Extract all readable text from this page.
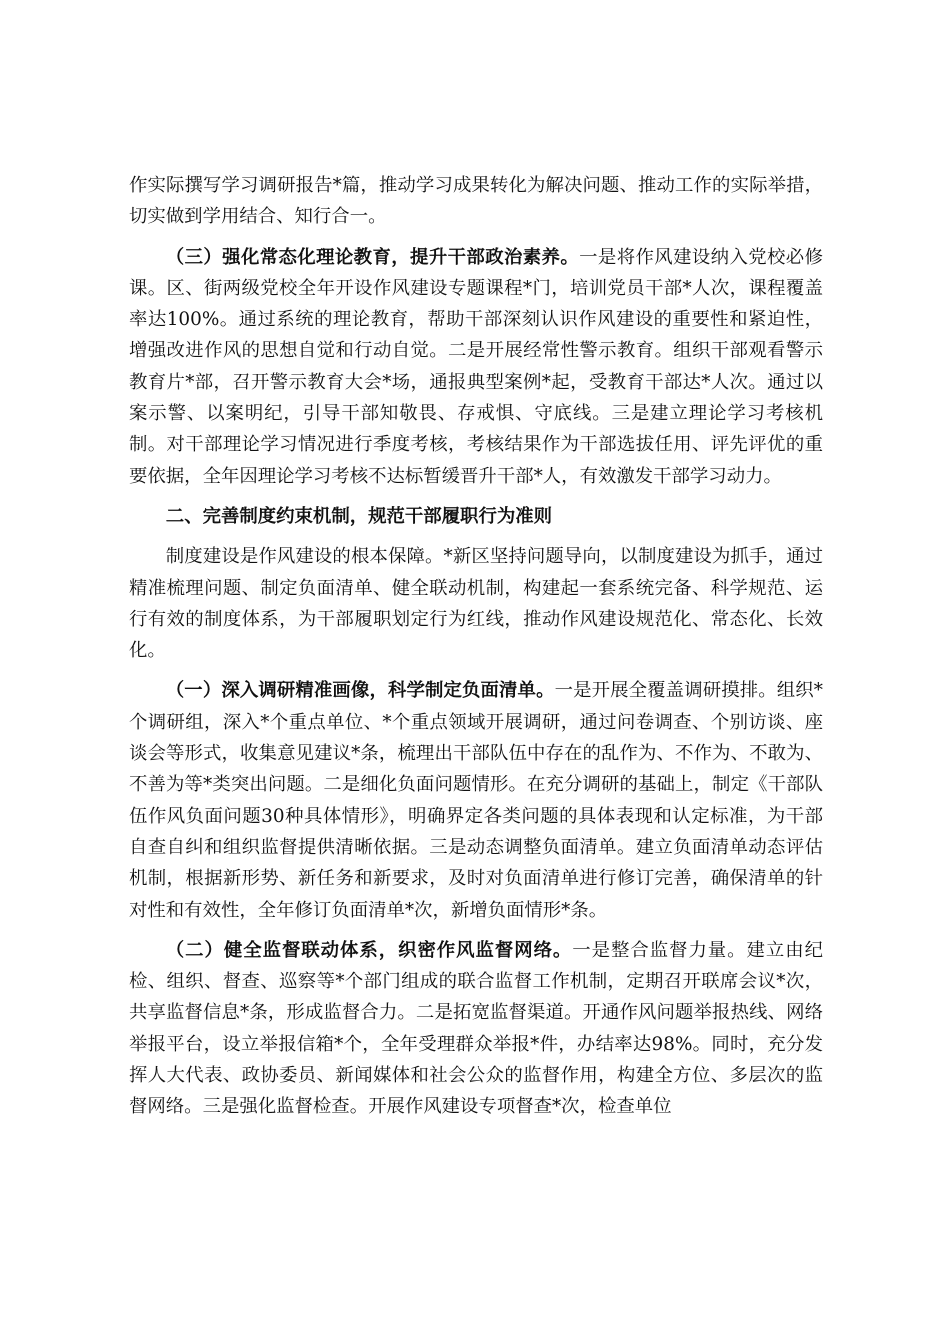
作实际撰写学习调研报告*篇，推动学习成果转化为解决问题、推动工作的实际举措，切实做到学用结合、知行合一。

（三）强化常态化理论教育，提升干部政治素养。一是将作风建设纳入党校必修课。区、街两级党校全年开设作风建设专题课程*门，培训党员干部*人次，课程覆盖率达100%。通过系统的理论教育，帮助干部深刻认识作风建设的重要性和紧迫性，增强改进作风的思想自觉和行动自觉。二是开展经常性警示教育。组织干部观看警示教育片*部，召开警示教育大会*场，通报典型案例*起，受教育干部达*人次。通过以案示警、以案明纪，引导干部知敬畏、存戒惧、守底线。三是建立理论学习考核机制。对干部理论学习情况进行季度考核，考核结果作为干部选拔任用、评先评优的重要依据，全年因理论学习考核不达标暂缓晋升干部*人，有效激发干部学习动力。

二、完善制度约束机制，规范干部履职行为准则

制度建设是作风建设的根本保障。*新区坚持问题导向，以制度建设为抓手，通过精准梳理问题、制定负面清单、健全联动机制，构建起一套系统完备、科学规范、运行有效的制度体系，为干部履职划定行为红线，推动作风建设规范化、常态化、长效化。

（一）深入调研精准画像，科学制定负面清单。一是开展全覆盖调研摸排。组织*个调研组，深入*个重点单位、*个重点领域开展调研，通过问卷调查、个别访谈、座谈会等形式，收集意见建议*条，梳理出干部队伍中存在的乱作为、不作为、不敢为、不善为等*类突出问题。二是细化负面问题情形。在充分调研的基础上，制定《干部队伍作风负面问题30种具体情形》，明确界定各类问题的具体表现和认定标准，为干部自查自纠和组织监督提供清晰依据。三是动态调整负面清单。建立负面清单动态评估机制，根据新形势、新任务和新要求，及时对负面清单进行修订完善，确保清单的针对性和有效性，全年修订负面清单*次，新增负面情形*条。

（二）健全监督联动体系，织密作风监督网络。一是整合监督力量。建立由纪检、组织、督查、巡察等*个部门组成的联合监督工作机制，定期召开联席会议*次，共享监督信息*条，形成监督合力。二是拓宽监督渠道。开通作风问题举报热线、网络举报平台，设立举报信箱*个，全年受理群众举报*件，办结率达98%。同时，充分发挥人大代表、政协委员、新闻媒体和社会公众的监督作用，构建全方位、多层次的监督网络。三是强化监督检查。开展作风建设专项督查*次，检查单位
